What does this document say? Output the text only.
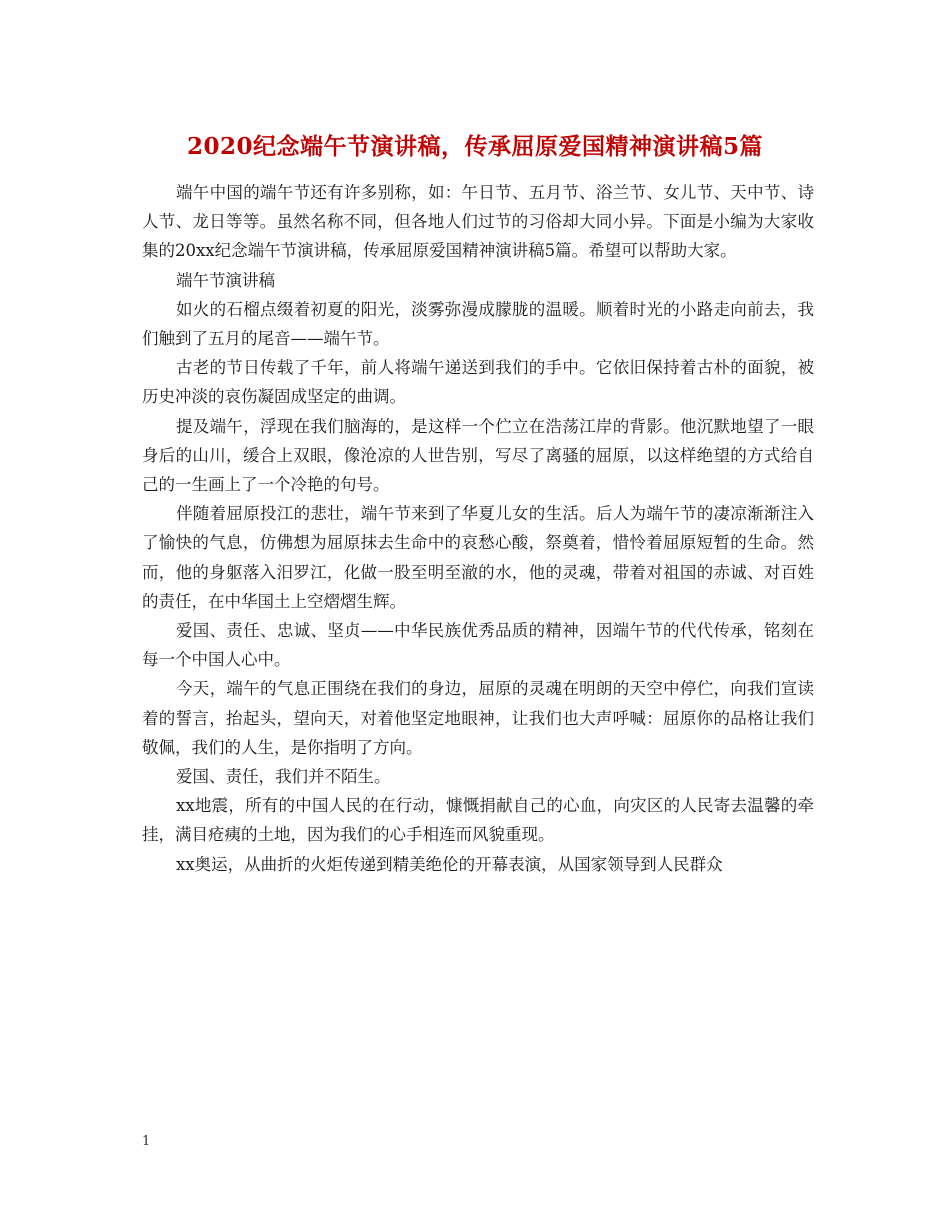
2020纪念端午节演讲稿，传承屈原爱国精神演讲稿5篇

端午中国的端午节还有许多别称，如：午日节、五月节、浴兰节、女儿节、天中节、诗人节、龙日等等。虽然名称不同，但各地人们过节的习俗却大同小异。下面是小编为大家收集的20xx纪念端午节演讲稿，传承屈原爱国精神演讲稿5篇。希望可以帮助大家。

端午节演讲稿

如火的石榴点缀着初夏的阳光，淡雾弥漫成朦胧的温暖。顺着时光的小路走向前去，我们触到了五月的尾音——端午节。

古老的节日传载了千年，前人将端午递送到我们的手中。它依旧保持着古朴的面貌，被历史冲淡的哀伤凝固成坚定的曲调。

提及端午，浮现在我们脑海的，是这样一个伫立在浩荡江岸的背影。他沉默地望了一眼身后的山川，缓合上双眼，像沧凉的人世告别，写尽了离骚的屈原，以这样绝望的方式给自己的一生画上了一个冷艳的句号。

伴随着屈原投江的悲壮，端午节来到了华夏儿女的生活。后人为端午节的凄凉渐渐注入了愉快的气息，仿佛想为屈原抹去生命中的哀愁心酸，祭奠着，惜怜着屈原短暂的生命。然而，他的身躯落入汨罗江，化做一股至明至澈的水，他的灵魂，带着对祖国的赤诚、对百姓的责任，在中华国土上空熠熠生辉。

爱国、责任、忠诚、坚贞——中华民族优秀品质的精神，因端午节的代代传承，铭刻在每一个中国人心中。

今天，端午的气息正围绕在我们的身边，屈原的灵魂在明朗的天空中停伫，向我们宣读着的誓言，抬起头，望向天，对着他坚定地眼神，让我们也大声呼喊：屈原你的品格让我们敬佩，我们的人生，是你指明了方向。

爱国、责任，我们并不陌生。

xx地震，所有的中国人民的在行动，慷慨捐献自己的心血，向灾区的人民寄去温馨的牵挂，满目疮痍的土地，因为我们的心手相连而风貌重现。

xx奥运，从曲折的火炬传递到精美绝伦的开幕表演，从国家领导到人民群众

1
